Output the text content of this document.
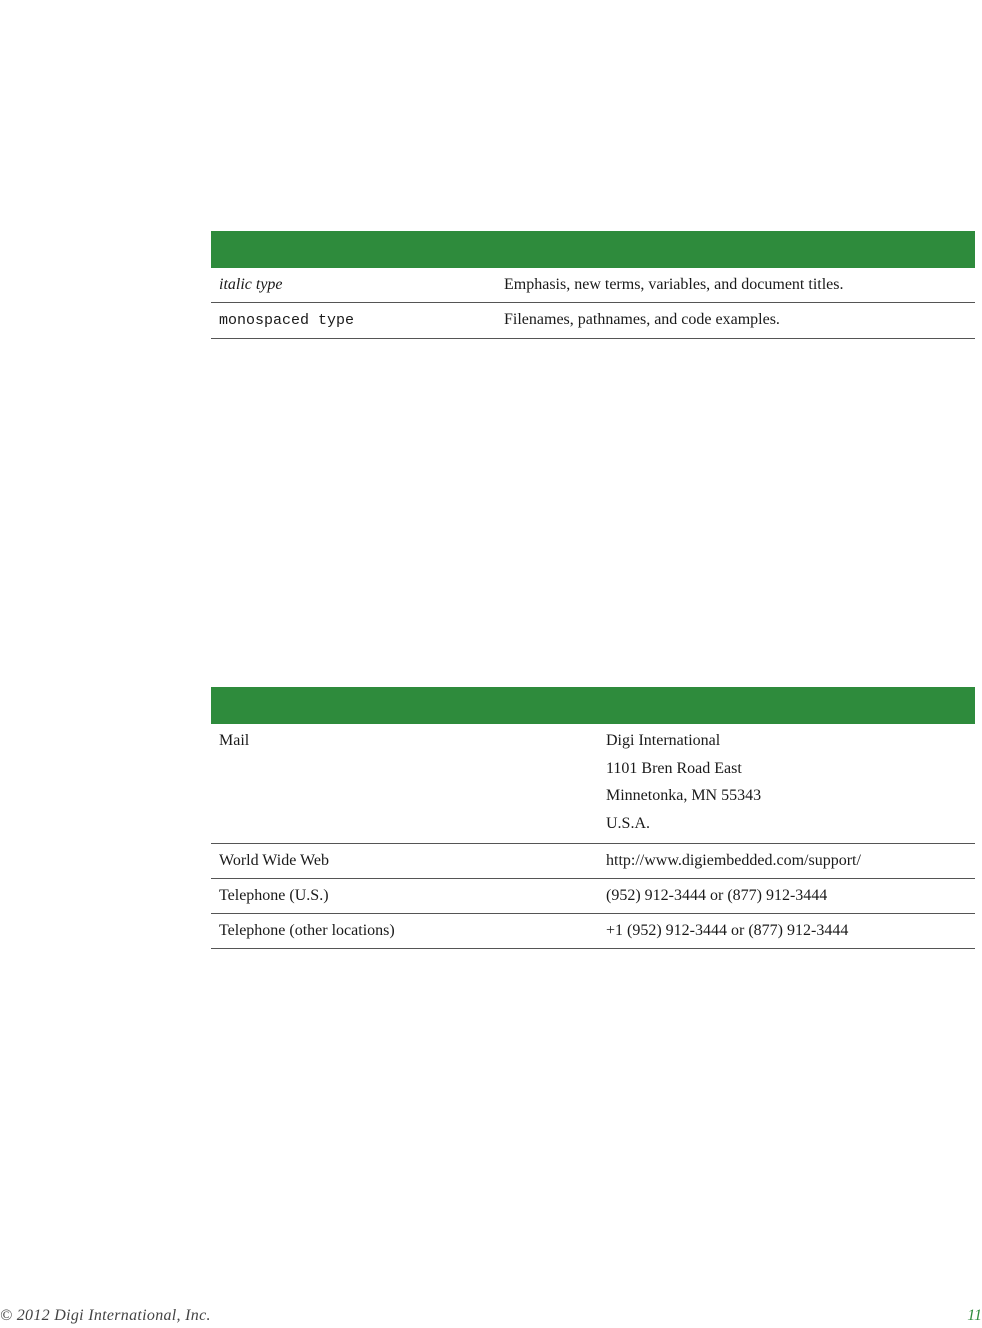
italic type	Emphasis, new terms, variables, and document titles.
monospaced type	Filenames, pathnames, and code examples.

Mail	Digi International
1101 Bren Road East
Minnetonka, MN 55343
U.S.A.

World Wide Web	http://www.digiembedded.com/support/
Telephone (U.S.)	(952) 912-3444 or (877) 912-3444
Telephone (other locations)	+1 (952) 912-3444 or (877) 912-3444
© 2012 Digi International, Inc.	11
